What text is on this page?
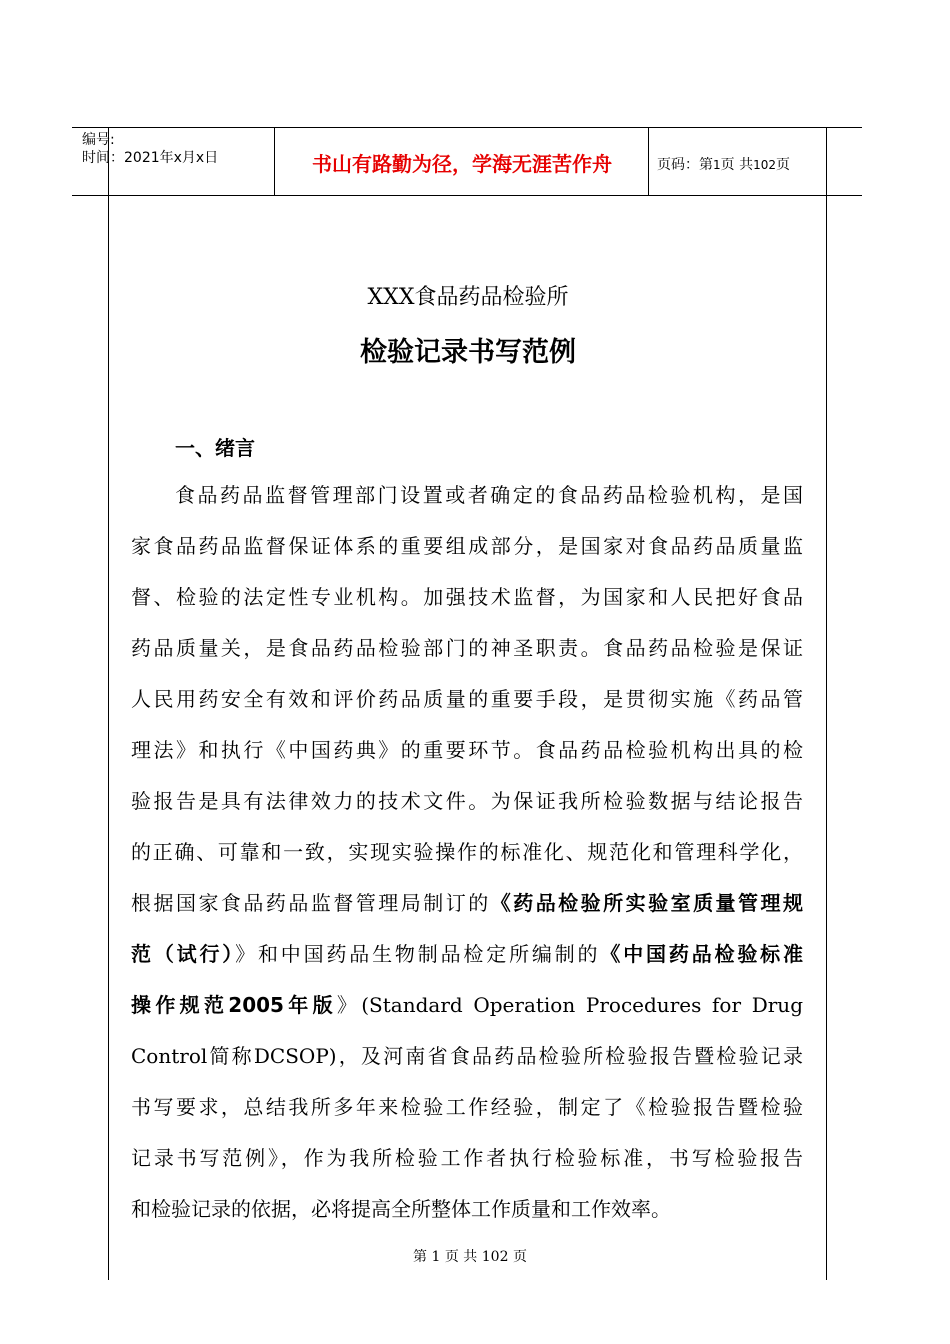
编号:
时间：2021年x月x日	书山有路勤为径，学海无涯苦作舟	页码：第1页 共102页
XXX食品药品检验所
检验记录书写范例
一、绪言
食品药品监督管理部门设置或者确定的食品药品检验机构，是国
家食品药品监督保证体系的重要组成部分，是国家对食品药品质量监
督、检验的法定性专业机构。加强技术监督，为国家和人民把好食品
药品质量关，是食品药品检验部门的神圣职责。食品药品检验是保证
人民用药安全有效和评价药品质量的重要手段，是贯彻实施《药品管
理法》和执行《中国药典》的重要环节。食品药品检验机构出具的检
验报告是具有法律效力的技术文件。为保证我所检验数据与结论报告
的正确、可靠和一致，实现实验操作的标准化、规范化和管理科学化，
根据国家食品药品监督管理局制订的《药品检验所实验室质量管理规
范（试行）》和中国药品生物制品检定所编制的《中国药品检验标准
操作规范2005年版》(Standard Operation Procedures for Drug
Control简称DCSOP)，及河南省食品药品检验所检验报告暨检验记录
书写要求，总结我所多年来检验工作经验，制定了《检验报告暨检验
记录书写范例》，作为我所检验工作者执行检验标准，书写检验报告
和检验记录的依据，必将提高全所整体工作质量和工作效率。
第 1 页 共 102 页
